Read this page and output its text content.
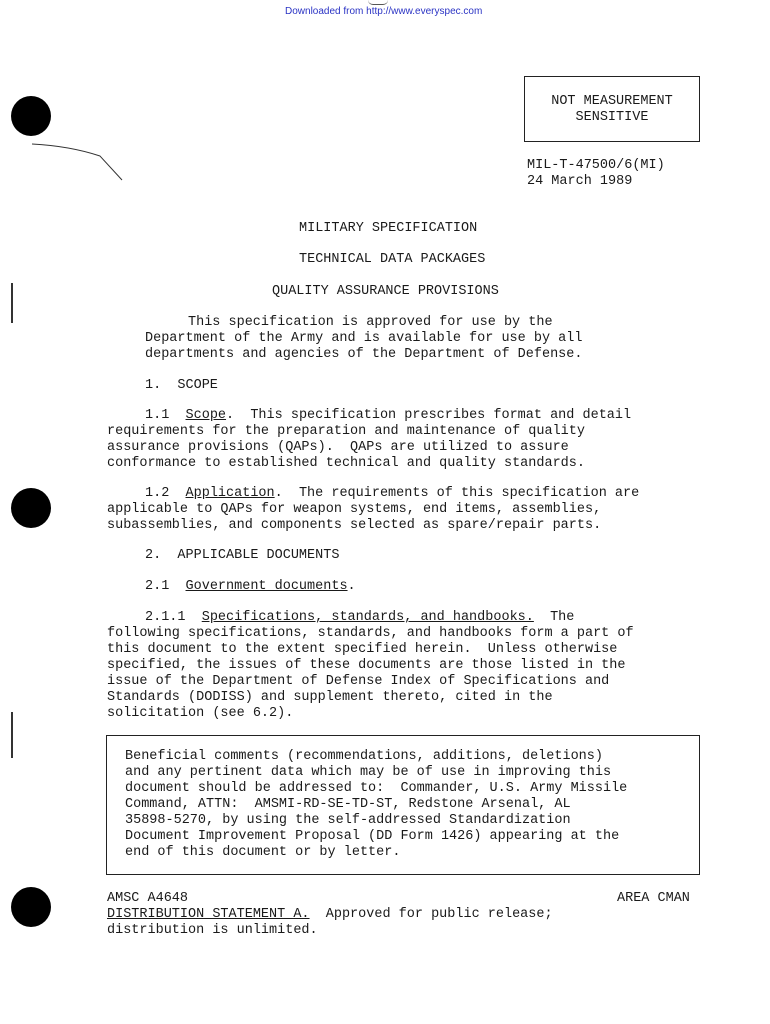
Downloaded from http://www.everyspec.com
NOT MEASUREMENT
SENSITIVE
MIL-T-47500/6(MI)
24 March 1989
MILITARY SPECIFICATION
TECHNICAL DATA PACKAGES
QUALITY ASSURANCE PROVISIONS
This specification is approved for use by the
Department of the Army and is available for use by all
departments and agencies of the Department of Defense.
1. SCOPE
1.1 Scope.  This specification prescribes format and detail
requirements for the preparation and maintenance of quality
assurance provisions (QAPs).  QAPs are utilized to assure
conformance to established technical and quality standards.
1.2 Application.  The requirements of this specification are
applicable to QAPs for weapon systems, end items, assemblies,
subassemblies, and components selected as spare/repair parts.
2. APPLICABLE DOCUMENTS
2.1 Government documents.
2.1.1 Specifications, standards, and handbooks.  The
following specifications, standards, and handbooks form a part of
this document to the extent specified herein.  Unless otherwise
specified, the issues of these documents are those listed in the
issue of the Department of Defense Index of Specifications and
Standards (DODISS) and supplement thereto, cited in the
solicitation (see 6.2).
Beneficial comments (recommendations, additions, deletions)
and any pertinent data which may be of use in improving this
document should be addressed to:  Commander, U.S. Army Missile
Command, ATTN:  AMSMI-RD-SE-TD-ST, Redstone Arsenal, AL
35898-5270, by using the self-addressed Standardization
Document Improvement Proposal (DD Form 1426) appearing at the
end of this document or by letter.
AMSC A4648	AREA CMAN
DISTRIBUTION STATEMENT A.  Approved for public release;
distribution is unlimited.
